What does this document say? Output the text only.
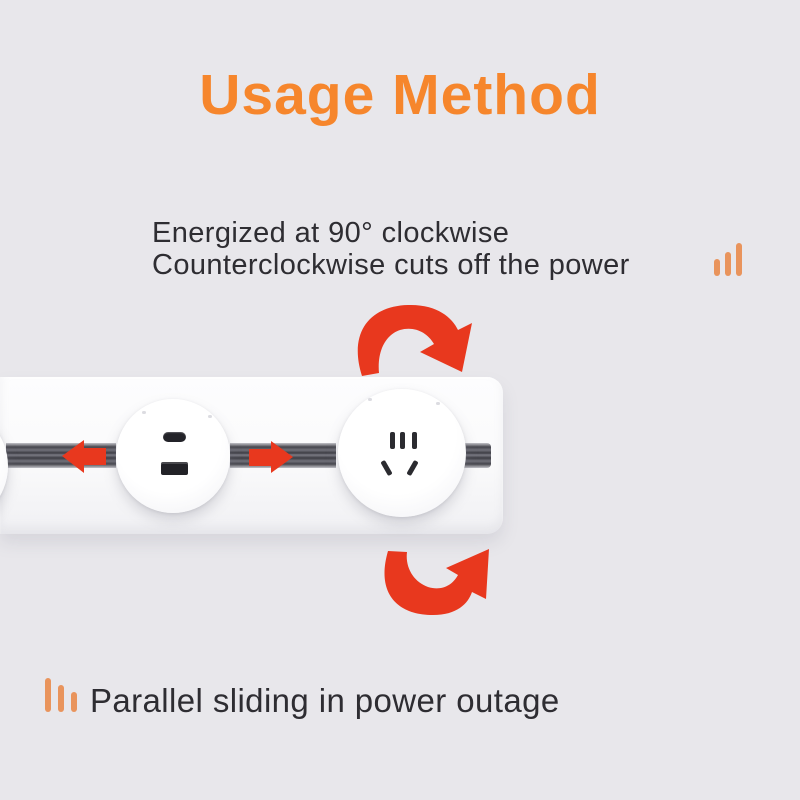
Usage Method
Energized at 90° clockwise
Counterclockwise cuts off the power
Parallel sliding in power outage
